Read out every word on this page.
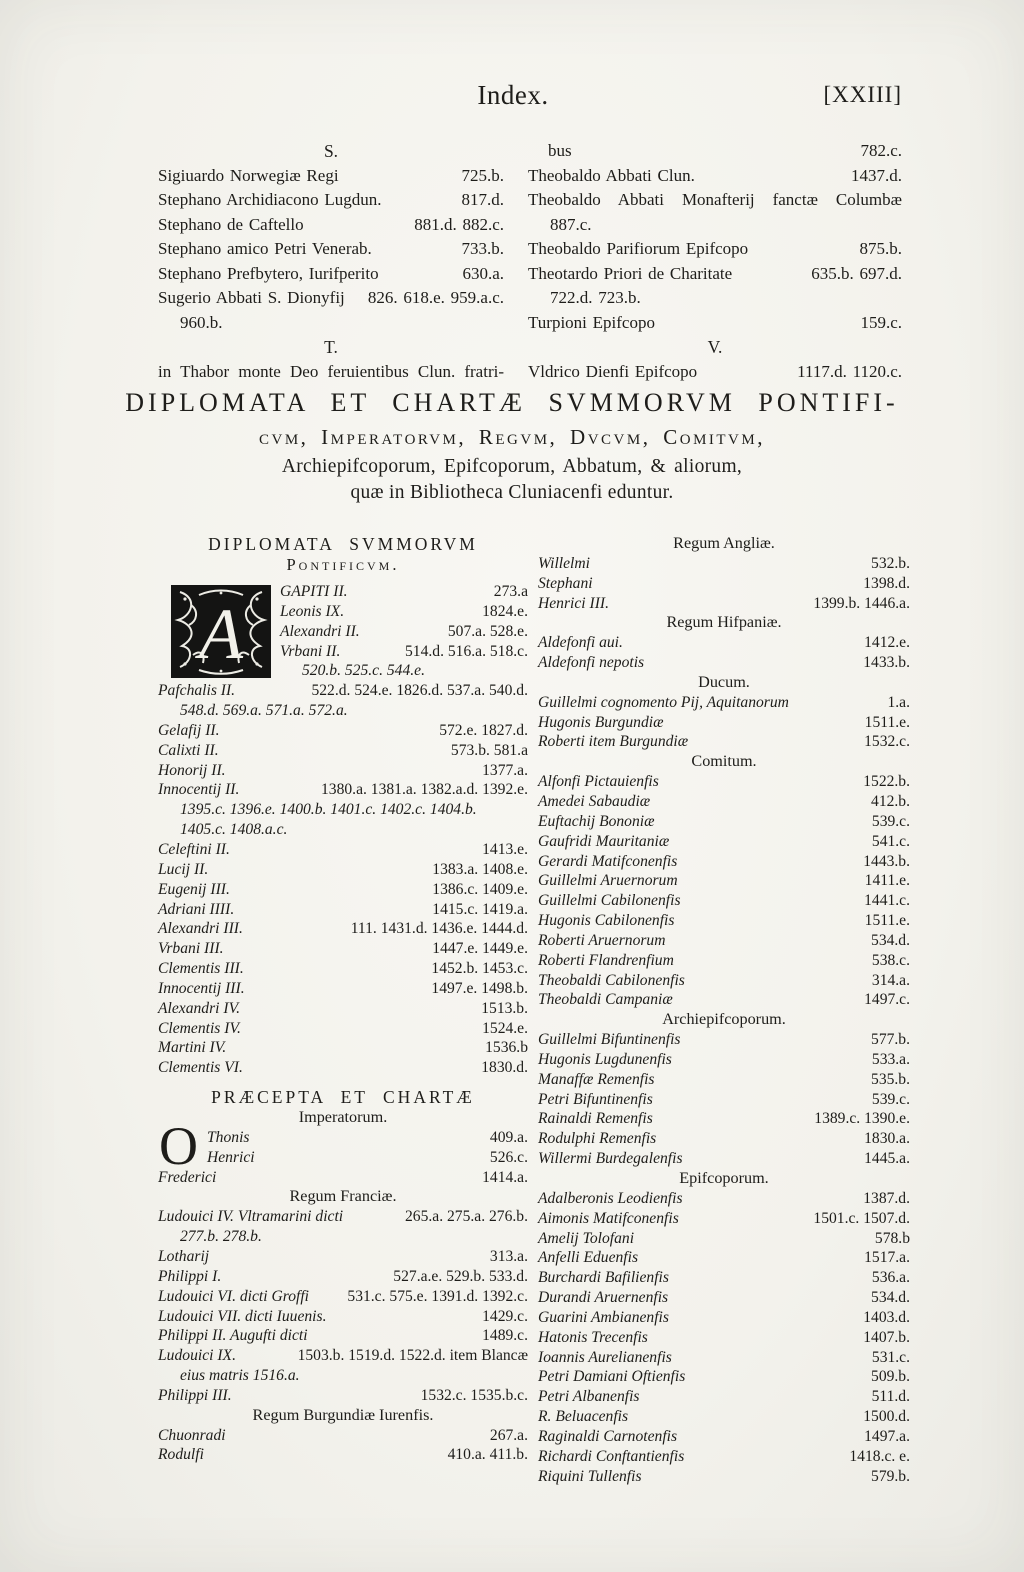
Index.	[XXIII]
S.
Sigiuardo Norwegiæ Regi	725.b.
Stephano Archidiacono Lugdun.	817.d.
Stephano de Caftello	881.d. 882.c.
Stephano amico Petri Venerab.	733.b.
Stephano Prefbytero, Iurifperito	630.a.
Sugerio Abbati S. Dionyfij 826. 618.e. 959.a.c.
960.b.
T.
in Thabor monte Deo feruientibus Clun. fratri-
bus	782.c.
Theobaldo Abbati Clun.	1437.d.
Theobaldo Abbati Monafterij fanctæ Columbæ
887.c.
Theobaldo Parifiorum Epifcopo	875.b.
Theotardo Priori de Charitate	635.b. 697.d.
722.d. 723.b.
Turpioni Epifcopo	159.c.
V.
Vldrico Dienfi Epifcopo	1117.d. 1120.c.
DIPLOMATA ET CHARTÆ SVMMORVM PONTIFI-
cvm, Imperatorvm, Regvm, Dvcvm, Comitvm,
Archiepifcoporum, Epifcoporum, Abbatum, & aliorum,
quæ in Bibliotheca Cluniacenfi eduntur.
DIPLOMATA SVMMORVM
Pontificvm.
A
GAPITI II.	273.a
Leonis IX.	1824.e.
Alexandri II.	507.a. 528.e.
Vrbani II.	514.d. 516.a. 518.c.
520.b. 525.c. 544.e.
Pafchalis II.	522.d. 524.e. 1826.d. 537.a. 540.d.
548.d. 569.a. 571.a. 572.a.
Gelafij II.	572.e. 1827.d.
Calixti II.	573.b. 581.a
Honorij II.	1377.a.
Innocentij II.	1380.a. 1381.a. 1382.a.d. 1392.e.
1395.c. 1396.e. 1400.b. 1401.c. 1402.c. 1404.b.
1405.c. 1408.a.c.
Celeftini II.	1413.e.
Lucij II.	1383.a. 1408.e.
Eugenij III.	1386.c. 1409.e.
Adriani IIII.	1415.c. 1419.a.
Alexandri III.	111. 1431.d. 1436.e. 1444.d.
Vrbani III.	1447.e. 1449.e.
Clementis III.	1452.b. 1453.c.
Innocentij III.	1497.e. 1498.b.
Alexandri IV.	1513.b.
Clementis IV.	1524.e.
Martini IV.	1536.b
Clementis VI.	1830.d.
PRÆCEPTA ET CHARTÆ
Imperatorum.
O Thonis	409.a.
Henrici	526.c.
Frederici	1414.a.
Regum Franciæ.
Ludouici IV. Vltramarini dicti	265.a. 275.a. 276.b.
277.b. 278.b.
Lotharij	313.a.
Philippi I.	527.a.e. 529.b. 533.d.
Ludouici VI. dicti Groffi 531.c. 575.e. 1391.d. 1392.c.
Ludouici VII. dicti Iuuenis.	1429.c.
Philippi II. Augufti dicti	1489.c.
Ludouici IX.	1503.b. 1519.d. 1522.d. item Blancæ
eius matris 1516.a.
Philippi III.	1532.c. 1535.b.c.
Regum Burgundiæ Iurenfis.
Chuonradi	267.a.
Rodulfi	410.a. 411.b.
Regum Angliæ.
Willelmi	532.b.
Stephani	1398.d.
Henrici III.	1399.b. 1446.a.
Regum Hifpaniæ.
Aldefonfi aui.	1412.e.
Aldefonfi nepotis	1433.b.
Ducum.
Guillelmi cognomento Pij, Aquitanorum	1.a.
Hugonis Burgundiæ	1511.e.
Roberti item Burgundiæ	1532.c.
Comitum.
Alfonfi Pictauienfis	1522.b.
Amedei Sabaudiæ	412.b.
Euftachij Bononiæ	539.c.
Gaufridi Mauritaniæ	541.c.
Gerardi Matifconenfis	1443.b.
Guillelmi Aruernorum	1411.e.
Guillelmi Cabilonenfis	1441.c.
Hugonis Cabilonenfis	1511.e.
Roberti Aruernorum	534.d.
Roberti Flandrenfium	538.c.
Theobaldi Cabilonenfis	314.a.
Theobaldi Campaniæ	1497.c.
Archiepifcoporum.
Guillelmi Bifuntinenfis	577.b.
Hugonis Lugdunenfis	533.a.
Manaffæ Remenfis	535.b.
Petri Bifuntinenfis	539.c.
Rainaldi Remenfis	1389.c. 1390.e.
Rodulphi Remenfis	1830.a.
Willermi Burdegalenfis	1445.a.
Epifcoporum.
Adalberonis Leodienfis	1387.d.
Aimonis Matifconenfis	1501.c. 1507.d.
Amelij Tolofani	578.b
Anfelli Eduenfis	1517.a.
Burchardi Bafilienfis	536.a.
Durandi Aruernenfis	534.d.
Guarini Ambianenfis	1403.d.
Hatonis Trecenfis	1407.b.
Ioannis Aurelianenfis	531.c.
Petri Damiani Oftienfis	509.b.
Petri Albanenfis	511.d.
R. Beluacenfis	1500.d.
Raginaldi Carnotenfis	1497.a.
Richardi Conftantienfis	1418.c. e.
Riquini Tullenfis	579.b.
